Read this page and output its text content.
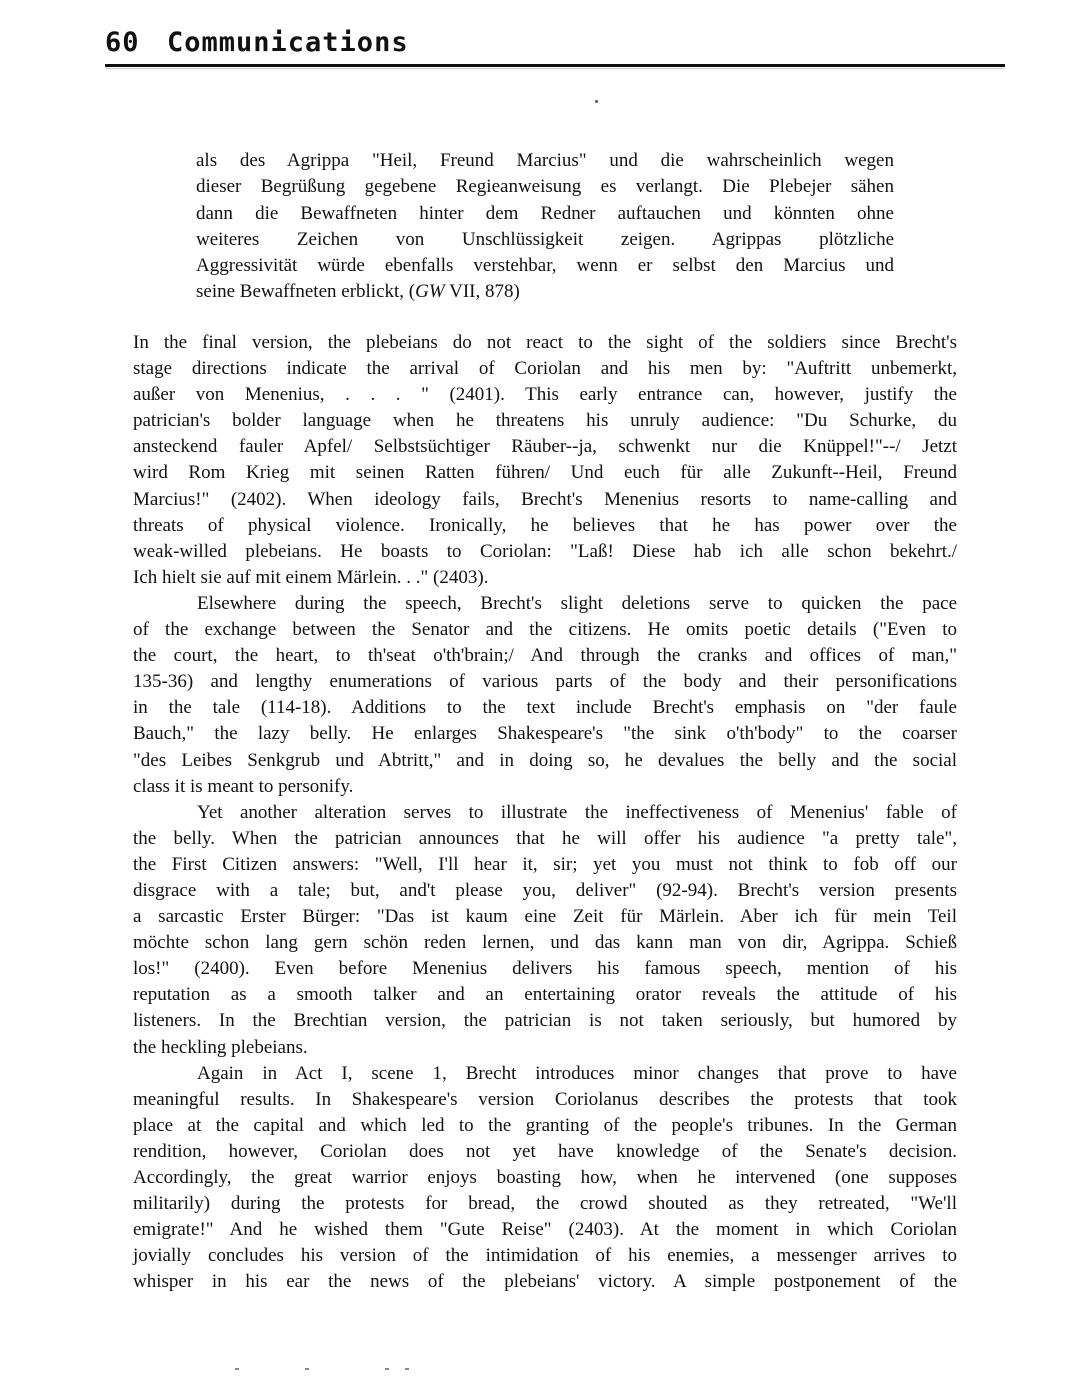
60 Communications
als des Agrippa "Heil, Freund Marcius" und die wahrscheinlich wegen
dieser Begrüßung gegebene Regieanweisung es verlangt. Die Plebejer sähen
dann die Bewaffneten hinter dem Redner auftauchen und könnten ohne
weiteres Zeichen von Unschlüssigkeit zeigen. Agrippas plötzliche
Aggressivität würde ebenfalls verstehbar, wenn er selbst den Marcius und
seine Bewaffneten erblickt, (GW VII, 878)
In the final version, the plebeians do not react to the sight of the soldiers since Brecht's
stage directions indicate the arrival of Coriolan and his men by: "Auftritt unbemerkt,
außer von Menenius, . . . " (2401). This early entrance can, however, justify the
patrician's bolder language when he threatens his unruly audience: "Du Schurke, du
ansteckend fauler Apfel/ Selbstsüchtiger Räuber--ja, schwenkt nur die Knüppel!"--/ Jetzt
wird Rom Krieg mit seinen Ratten führen/ Und euch für alle Zukunft--Heil, Freund
Marcius!" (2402). When ideology fails, Brecht's Menenius resorts to name-calling and
threats of physical violence. Ironically, he believes that he has power over the
weak-willed plebeians. He boasts to Coriolan: "Laß! Diese hab ich alle schon bekehrt./
Ich hielt sie auf mit einem Märlein. . ." (2403).
Elsewhere during the speech, Brecht's slight deletions serve to quicken the pace
of the exchange between the Senator and the citizens. He omits poetic details ("Even to
the court, the heart, to th'seat o'th'brain;/ And through the cranks and offices of man,"
135-36) and lengthy enumerations of various parts of the body and their personifications
in the tale (114-18). Additions to the text include Brecht's emphasis on "der faule
Bauch," the lazy belly. He enlarges Shakespeare's "the sink o'th'body" to the coarser
"des Leibes Senkgrub und Abtritt," and in doing so, he devalues the belly and the social
class it is meant to personify.
Yet another alteration serves to illustrate the ineffectiveness of Menenius' fable of
the belly. When the patrician announces that he will offer his audience "a pretty tale",
the First Citizen answers: "Well, I'll hear it, sir; yet you must not think to fob off our
disgrace with a tale; but, and't please you, deliver" (92-94). Brecht's version presents
a sarcastic Erster Bürger: "Das ist kaum eine Zeit für Märlein. Aber ich für mein Teil
möchte schon lang gern schön reden lernen, und das kann man von dir, Agrippa. Schieß
los!" (2400). Even before Menenius delivers his famous speech, mention of his
reputation as a smooth talker and an entertaining orator reveals the attitude of his
listeners. In the Brechtian version, the patrician is not taken seriously, but humored by
the heckling plebeians.
Again in Act I, scene 1, Brecht introduces minor changes that prove to have
meaningful results. In Shakespeare's version Coriolanus describes the protests that took
place at the capital and which led to the granting of the people's tribunes. In the German
rendition, however, Coriolan does not yet have knowledge of the Senate's decision.
Accordingly, the great warrior enjoys boasting how, when he intervened (one supposes
militarily) during the protests for bread, the crowd shouted as they retreated, "We'll
emigrate!" And he wished them "Gute Reise" (2403). At the moment in which Coriolan
jovially concludes his version of the intimidation of his enemies, a messenger arrives to
whisper in his ear the news of the plebeians' victory. A simple postponement of the
